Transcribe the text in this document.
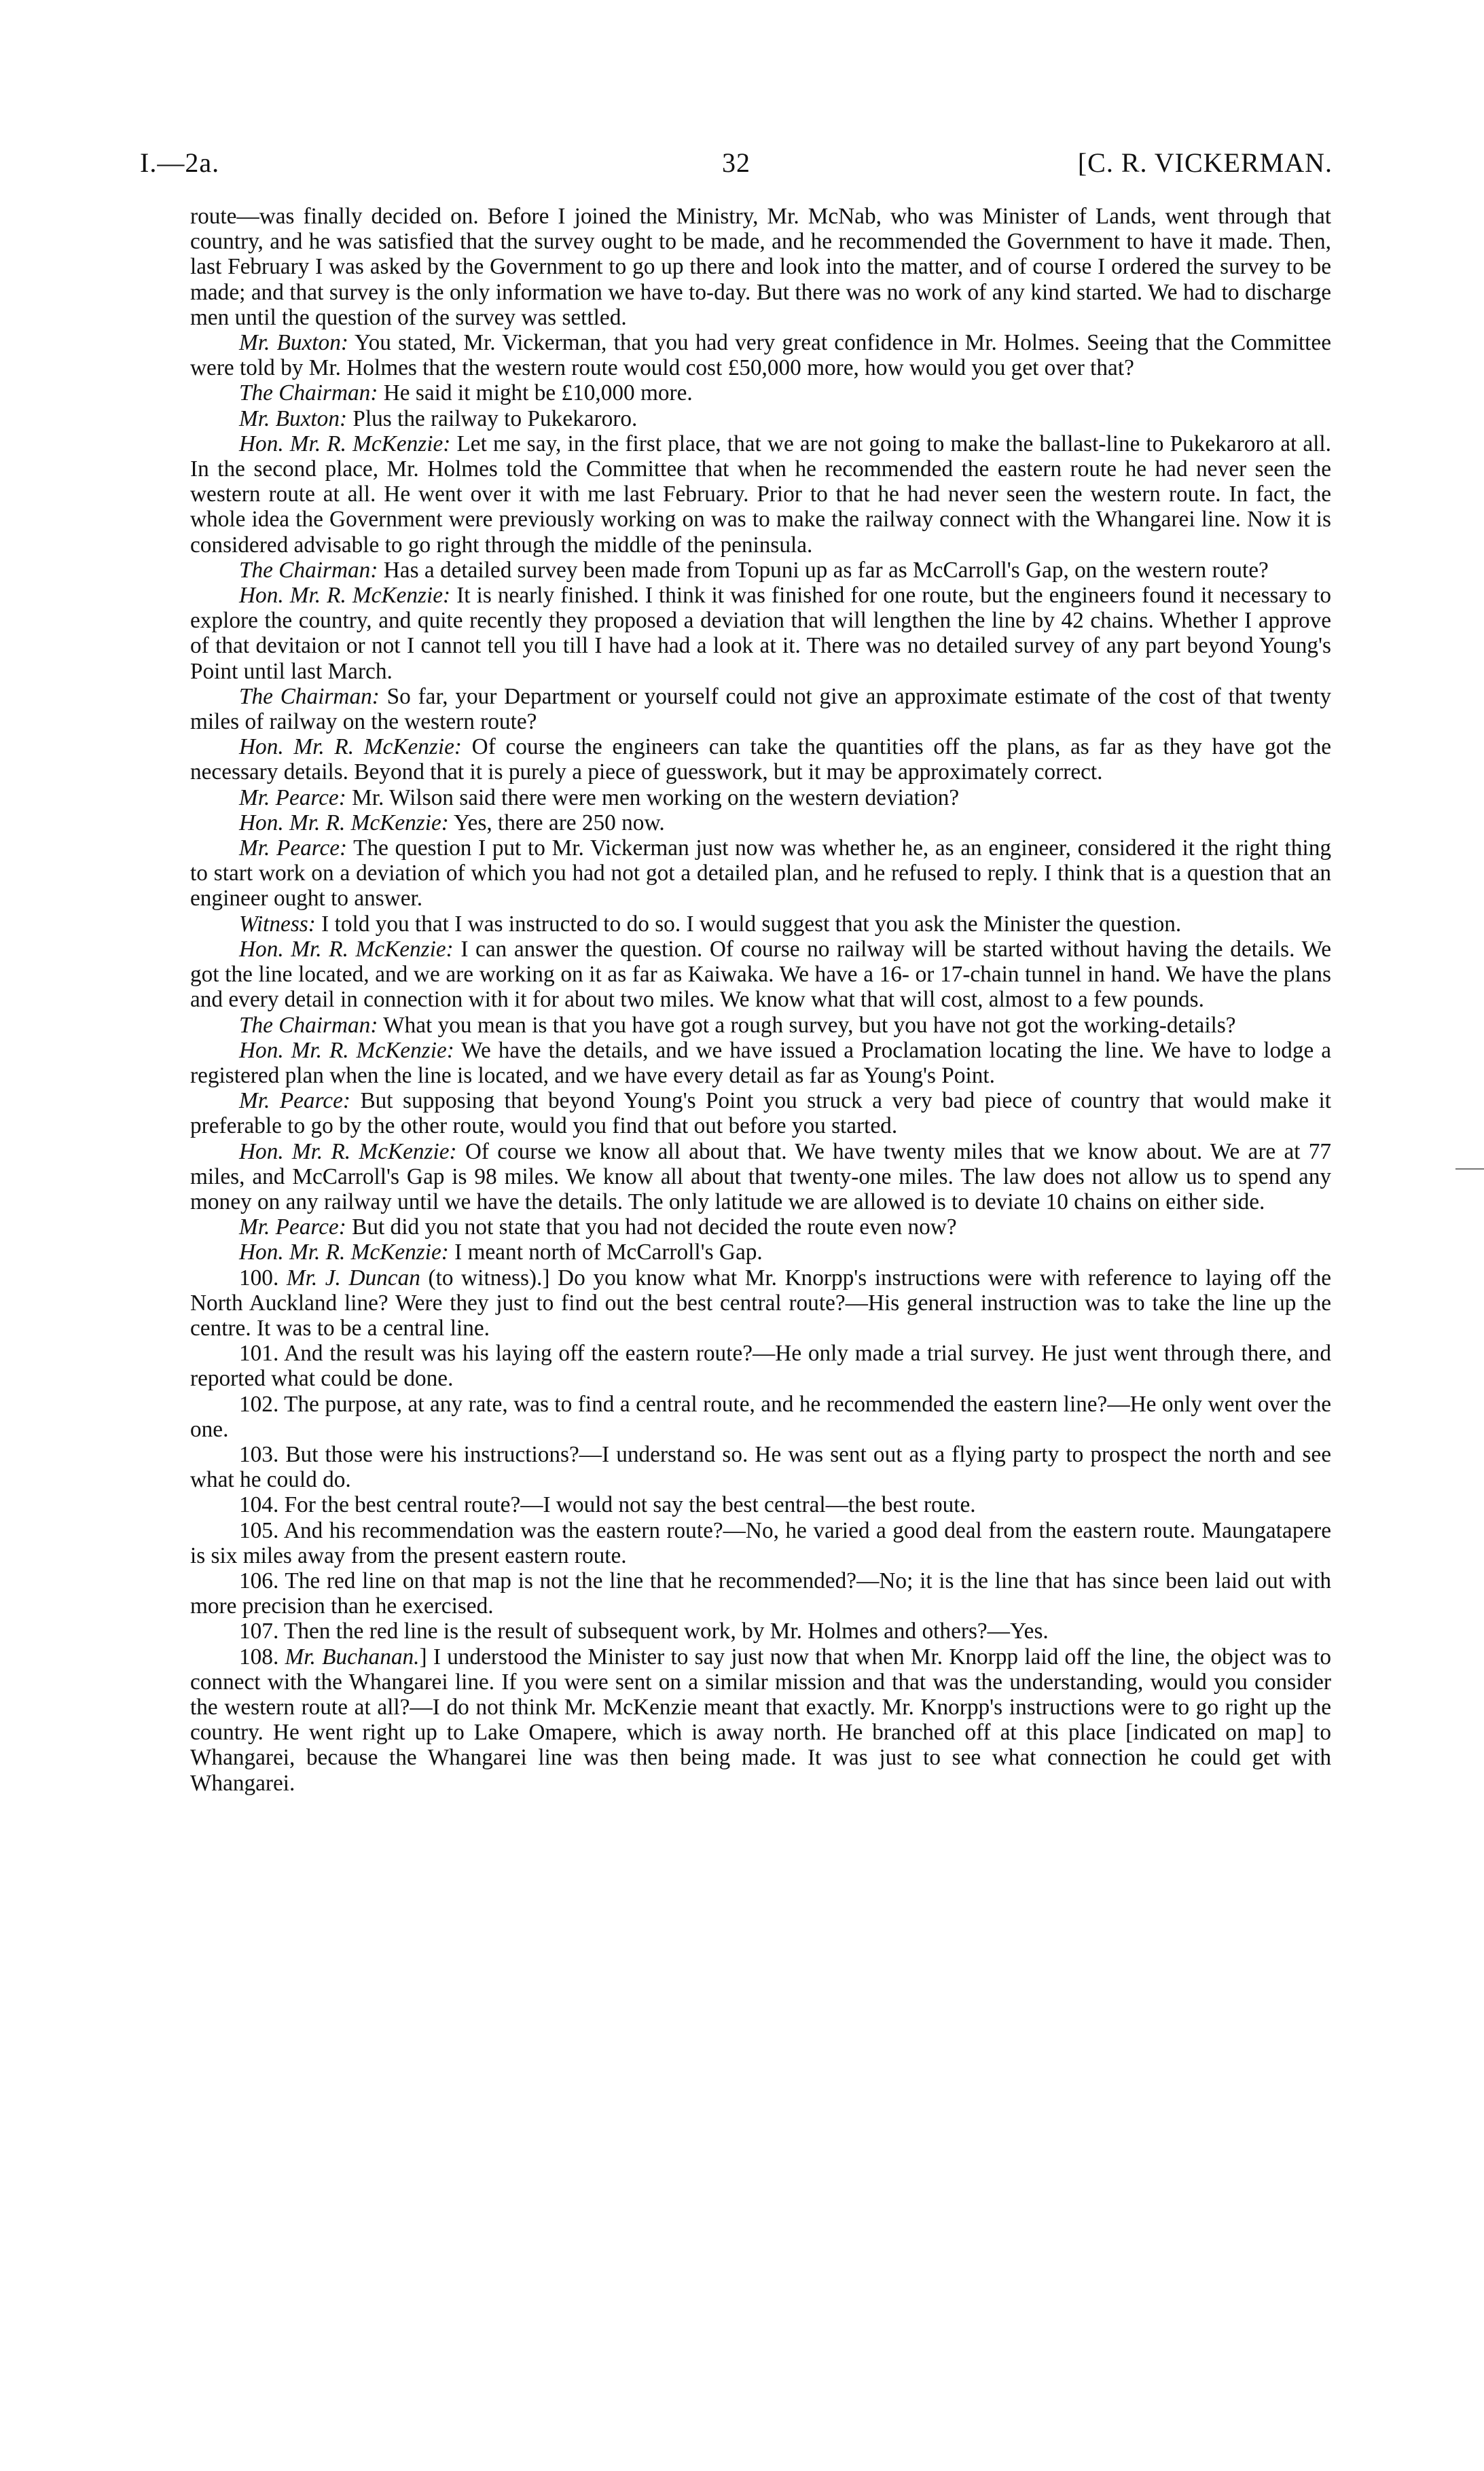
I.—2a.	32	[C. R. VICKERMAN.

route—was finally decided on. Before I joined the Ministry, Mr. McNab, who was Minister of Lands, went through that country, and he was satisfied that the survey ought to be made, and he recommended the Government to have it made. Then, last February I was asked by the Government to go up there and look into the matter, and of course I ordered the survey to be made; and that survey is the only information we have to-day. But there was no work of any kind started. We had to discharge men until the question of the survey was settled.

Mr. Buxton: You stated, Mr. Vickerman, that you had very great confidence in Mr. Holmes. Seeing that the Committee were told by Mr. Holmes that the western route would cost £50,000 more, how would you get over that?

The Chairman: He said it might be £10,000 more.

Mr. Buxton: Plus the railway to Pukekaroro.

Hon. Mr. R. McKenzie: Let me say, in the first place, that we are not going to make the ballast-line to Pukekaroro at all. In the second place, Mr. Holmes told the Committee that when he recommended the eastern route he had never seen the western route at all. He went over it with me last February. Prior to that he had never seen the western route. In fact, the whole idea the Government were previously working on was to make the railway connect with the Whangarei line. Now it is considered advisable to go right through the middle of the peninsula.

The Chairman: Has a detailed survey been made from Topuni up as far as McCarroll's Gap, on the western route?

Hon. Mr. R. McKenzie: It is nearly finished. I think it was finished for one route, but the engineers found it necessary to explore the country, and quite recently they proposed a deviation that will lengthen the line by 42 chains. Whether I approve of that devitaion or not I cannot tell you till I have had a look at it. There was no detailed survey of any part beyond Young's Point until last March.

The Chairman: So far, your Department or yourself could not give an approximate estimate of the cost of that twenty miles of railway on the western route?

Hon. Mr. R. McKenzie: Of course the engineers can take the quantities off the plans, as far as they have got the necessary details. Beyond that it is purely a piece of guesswork, but it may be approximately correct.

Mr. Pearce: Mr. Wilson said there were men working on the western deviation?

Hon. Mr. R. McKenzie: Yes, there are 250 now.

Mr. Pearce: The question I put to Mr. Vickerman just now was whether he, as an engineer, considered it the right thing to start work on a deviation of which you had not got a detailed plan, and he refused to reply. I think that is a question that an engineer ought to answer.

Witness: I told you that I was instructed to do so. I would suggest that you ask the Minister the question.

Hon. Mr. R. McKenzie: I can answer the question. Of course no railway will be started without having the details. We got the line located, and we are working on it as far as Kaiwaka. We have a 16- or 17-chain tunnel in hand. We have the plans and every detail in connection with it for about two miles. We know what that will cost, almost to a few pounds.

The Chairman: What you mean is that you have got a rough survey, but you have not got the working-details?

Hon. Mr. R. McKenzie: We have the details, and we have issued a Proclamation locating the line. We have to lodge a registered plan when the line is located, and we have every detail as far as Young's Point.

Mr. Pearce: But supposing that beyond Young's Point you struck a very bad piece of country that would make it preferable to go by the other route, would you find that out before you started.

Hon. Mr. R. McKenzie: Of course we know all about that. We have twenty miles that we know about. We are at 77 miles, and McCarroll's Gap is 98 miles. We know all about that twenty-one miles. The law does not allow us to spend any money on any railway until we have the details. The only latitude we are allowed is to deviate 10 chains on either side.

Mr. Pearce: But did you not state that you had not decided the route even now?

Hon. Mr. R. McKenzie: I meant north of McCarroll's Gap.

100. Mr. J. Duncan (to witness).] Do you know what Mr. Knorpp's instructions were with reference to laying off the North Auckland line? Were they just to find out the best central route?—His general instruction was to take the line up the centre. It was to be a central line.

101. And the result was his laying off the eastern route?—He only made a trial survey. He just went through there, and reported what could be done.

102. The purpose, at any rate, was to find a central route, and he recommended the eastern line?—He only went over the one.

103. But those were his instructions?—I understand so. He was sent out as a flying party to prospect the north and see what he could do.

104. For the best central route?—I would not say the best central—the best route.

105. And his recommendation was the eastern route?—No, he varied a good deal from the eastern route. Maungatapere is six miles away from the present eastern route.

106. The red line on that map is not the line that he recommended?—No; it is the line that has since been laid out with more precision than he exercised.

107. Then the red line is the result of subsequent work, by Mr. Holmes and others?—Yes.

108. Mr. Buchanan.] I understood the Minister to say just now that when Mr. Knorpp laid off the line, the object was to connect with the Whangarei line. If you were sent on a similar mission and that was the understanding, would you consider the western route at all?—I do not think Mr. McKenzie meant that exactly. Mr. Knorpp's instructions were to go right up the country. He went right up to Lake Omapere, which is away north. He branched off at this place [indicated on map] to Whangarei, because the Whangarei line was then being made. It was just to see what connection he could get with Whangarei.
